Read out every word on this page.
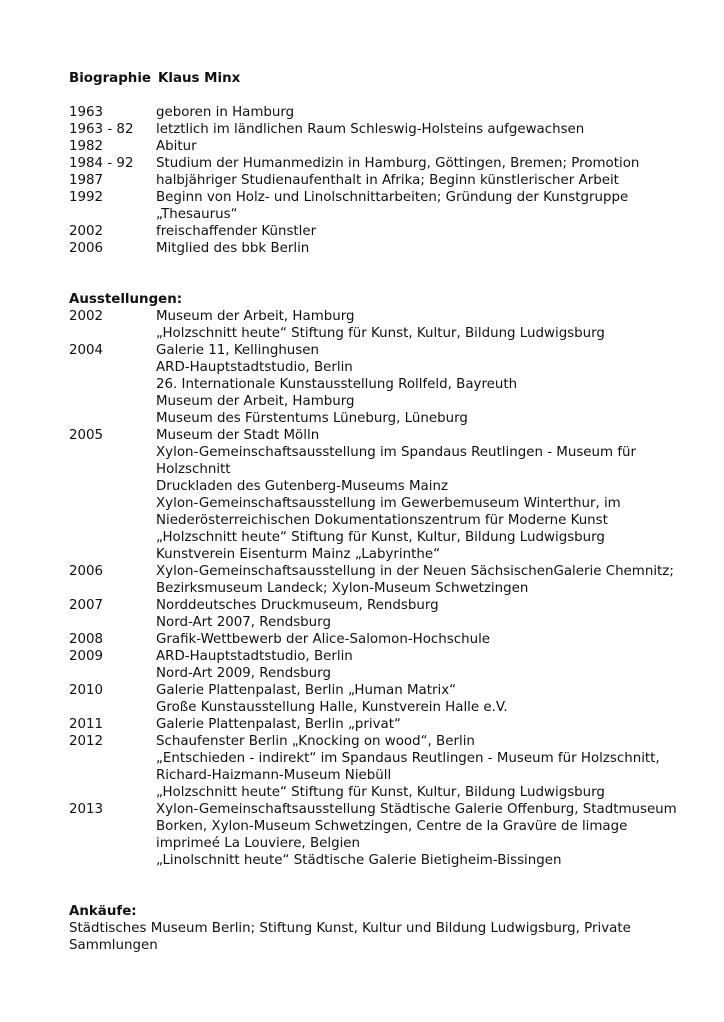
Biographie Klaus Minx
1963	geboren in Hamburg
1963 - 82	letztlich im ländlichen Raum Schleswig-Holsteins aufgewachsen
1982	Abitur
1984 - 92	Studium der Humanmedizin in Hamburg, Göttingen, Bremen; Promotion
1987	halbjähriger Studienaufenthalt in Afrika; Beginn künstlerischer Arbeit
1992	Beginn von Holz- und Linolschnittarbeiten; Gründung der Kunstgruppe
„Thesaurus“
2002	freischaffender Künstler
2006	Mitglied des bbk Berlin
Ausstellungen:
2002	Museum der Arbeit, Hamburg
„Holzschnitt heute“ Stiftung für Kunst, Kultur, Bildung Ludwigsburg
2004	Galerie 11, Kellinghusen
ARD-Hauptstadtstudio, Berlin
26. Internationale Kunstausstellung Rollfeld, Bayreuth
Museum der Arbeit, Hamburg
Museum des Fürstentums Lüneburg, Lüneburg
2005	Museum der Stadt Mölln
Xylon-Gemeinschaftsausstellung im Spandaus Reutlingen - Museum für
Holzschnitt
Druckladen des Gutenberg-Museums Mainz
Xylon-Gemeinschaftsausstellung im Gewerbemuseum Winterthur, im
Niederösterreichischen Dokumentationszentrum für Moderne Kunst
„Holzschnitt heute“ Stiftung für Kunst, Kultur, Bildung Ludwigsburg
Kunstverein Eisenturm Mainz „Labyrinthe“
2006	Xylon-Gemeinschaftsausstellung in der Neuen SächsischenGalerie Chemnitz;
Bezirksmuseum Landeck; Xylon-Museum Schwetzingen
2007	Norddeutsches Druckmuseum, Rendsburg
Nord-Art 2007, Rendsburg
2008	Grafik-Wettbewerb der Alice-Salomon-Hochschule
2009	ARD-Hauptstadtstudio, Berlin
Nord-Art 2009, Rendsburg
2010	Galerie Plattenpalast, Berlin „Human Matrix“
Große Kunstausstellung Halle, Kunstverein Halle e.V.
2011	Galerie Plattenpalast, Berlin „privat“
2012	Schaufenster Berlin „Knocking on wood“, Berlin
„Entschieden - indirekt“ im Spandaus Reutlingen - Museum für Holzschnitt,
Richard-Haizmann-Museum Niebüll
„Holzschnitt heute“ Stiftung für Kunst, Kultur, Bildung Ludwigsburg
2013	Xylon-Gemeinschaftsausstellung Städtische Galerie Offenburg, Stadtmuseum
Borken, Xylon-Museum Schwetzingen, Centre de la Gravüre de limage
imprimeé La Louviere, Belgien
„Linolschnitt heute“ Städtische Galerie Bietigheim-Bissingen
Ankäufe:
Städtisches Museum Berlin; Stiftung Kunst, Kultur und Bildung Ludwigsburg, Private
Sammlungen
